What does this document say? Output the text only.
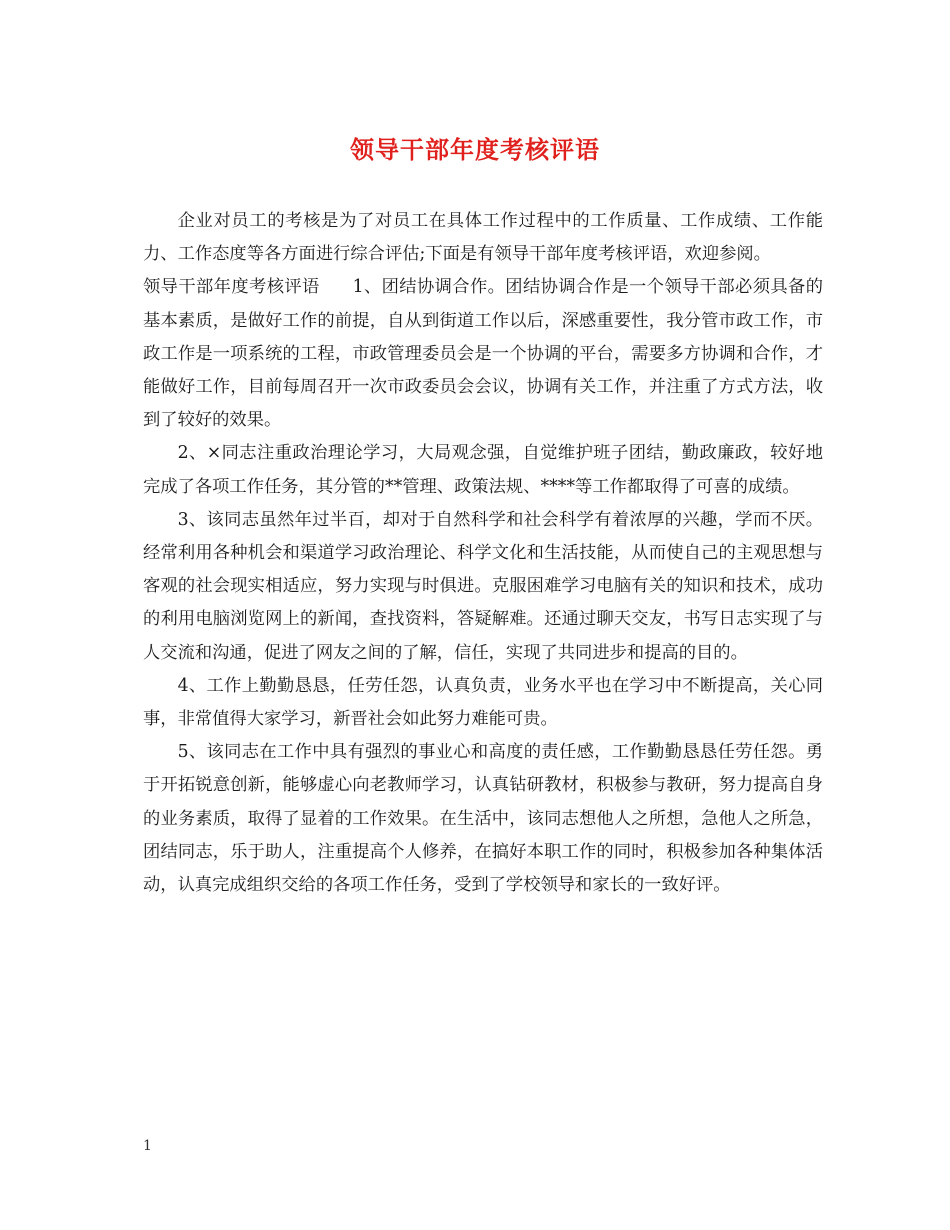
领导干部年度考核评语

企业对员工的考核是为了对员工在具体工作过程中的工作质量、工作成绩、工作能力、工作态度等各方面进行综合评估;下面是有领导干部年度考核评语，欢迎参阅。

领导干部年度考核评语 1、团结协调合作。团结协调合作是一个领导干部必须具备的基本素质，是做好工作的前提，自从到街道工作以后，深感重要性，我分管市政工作，市政工作是一项系统的工程，市政管理委员会是一个协调的平台，需要多方协调和合作，才能做好工作，目前每周召开一次市政委员会会议，协调有关工作，并注重了方式方法，收到了较好的效果。

2、×同志注重政治理论学习，大局观念强，自觉维护班子团结，勤政廉政，较好地完成了各项工作任务，其分管的**管理、政策法规、****等工作都取得了可喜的成绩。

3、该同志虽然年过半百，却对于自然科学和社会科学有着浓厚的兴趣，学而不厌。经常利用各种机会和渠道学习政治理论、科学文化和生活技能，从而使自己的主观思想与客观的社会现实相适应，努力实现与时俱进。克服困难学习电脑有关的知识和技术，成功的利用电脑浏览网上的新闻，查找资料，答疑解难。还通过聊天交友，书写日志实现了与人交流和沟通，促进了网友之间的了解，信任，实现了共同进步和提高的目的。

4、工作上勤勤恳恳，任劳任怨，认真负责，业务水平也在学习中不断提高，关心同事，非常值得大家学习，新晋社会如此努力难能可贵。

5、该同志在工作中具有强烈的事业心和高度的责任感，工作勤勤恳恳任劳任怨。勇于开拓锐意创新，能够虚心向老教师学习，认真钻研教材，积极参与教研，努力提高自身的业务素质，取得了显着的工作效果。在生活中，该同志想他人之所想，急他人之所急，团结同志，乐于助人，注重提高个人修养，在搞好本职工作的同时，积极参加各种集体活动，认真完成组织交给的各项工作任务，受到了学校领导和家长的一致好评。

1
